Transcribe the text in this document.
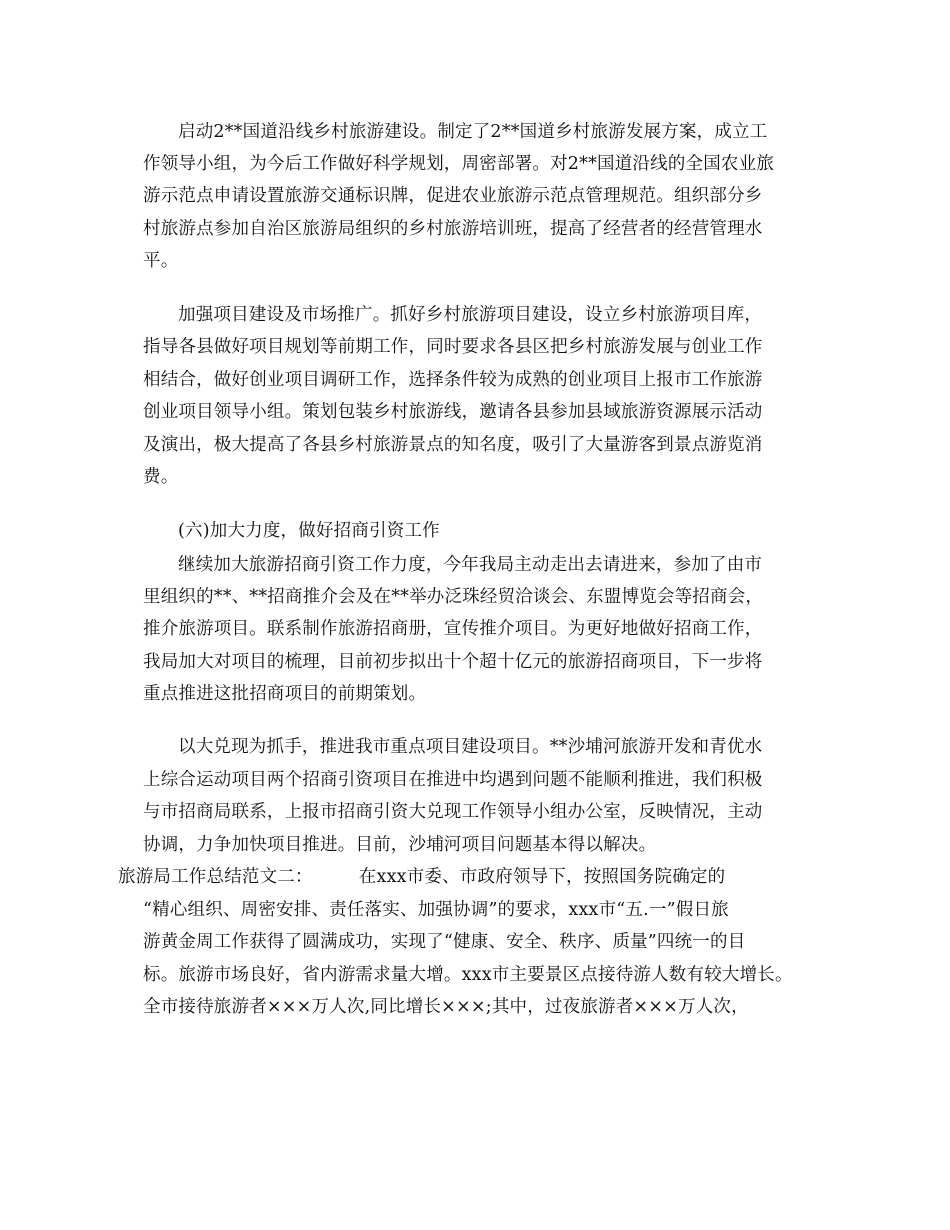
启动2**国道沿线乡村旅游建设。制定了2**国道乡村旅游发展方案，成立工
作领导小组，为今后工作做好科学规划，周密部署。对2**国道沿线的全国农业旅
游示范点申请设置旅游交通标识牌，促进农业旅游示范点管理规范。组织部分乡
村旅游点参加自治区旅游局组织的乡村旅游培训班，提高了经营者的经营管理水
平。
加强项目建设及市场推广。抓好乡村旅游项目建设，设立乡村旅游项目库，
指导各县做好项目规划等前期工作，同时要求各县区把乡村旅游发展与创业工作
相结合，做好创业项目调研工作，选择条件较为成熟的创业项目上报市工作旅游
创业项目领导小组。策划包装乡村旅游线，邀请各县参加县域旅游资源展示活动
及演出，极大提高了各县乡村旅游景点的知名度，吸引了大量游客到景点游览消
费。
(六)加大力度，做好招商引资工作
继续加大旅游招商引资工作力度，今年我局主动走出去请进来，参加了由市
里组织的**、**招商推介会及在**举办泛珠经贸洽谈会、东盟博览会等招商会，
推介旅游项目。联系制作旅游招商册，宣传推介项目。为更好地做好招商工作，
我局加大对项目的梳理，目前初步拟出十个超十亿元的旅游招商项目，下一步将
重点推进这批招商项目的前期策划。
以大兑现为抓手，推进我市重点项目建设项目。**沙埔河旅游开发和青优水
上综合运动项目两个招商引资项目在推进中均遇到问题不能顺利推进，我们积极
与市招商局联系，上报市招商引资大兑现工作领导小组办公室，反映情况，主动
协调，力争加快项目推进。目前，沙埔河项目问题基本得以解决。
旅游局工作总结范文二：        在xxx市委、市政府领导下，按照国务院确定的
“精心组织、周密安排、责任落实、加强协调”的要求，xxx市“五.一”假日旅
游黄金周工作获得了圆满成功，实现了“健康、安全、秩序、质量”四统一的目
标。旅游市场良好，省内游需求量大增。xxx市主要景区点接待游人数有较大增长。
全市接待旅游者×××万人次,同比增长×××;其中，过夜旅游者×××万人次，
